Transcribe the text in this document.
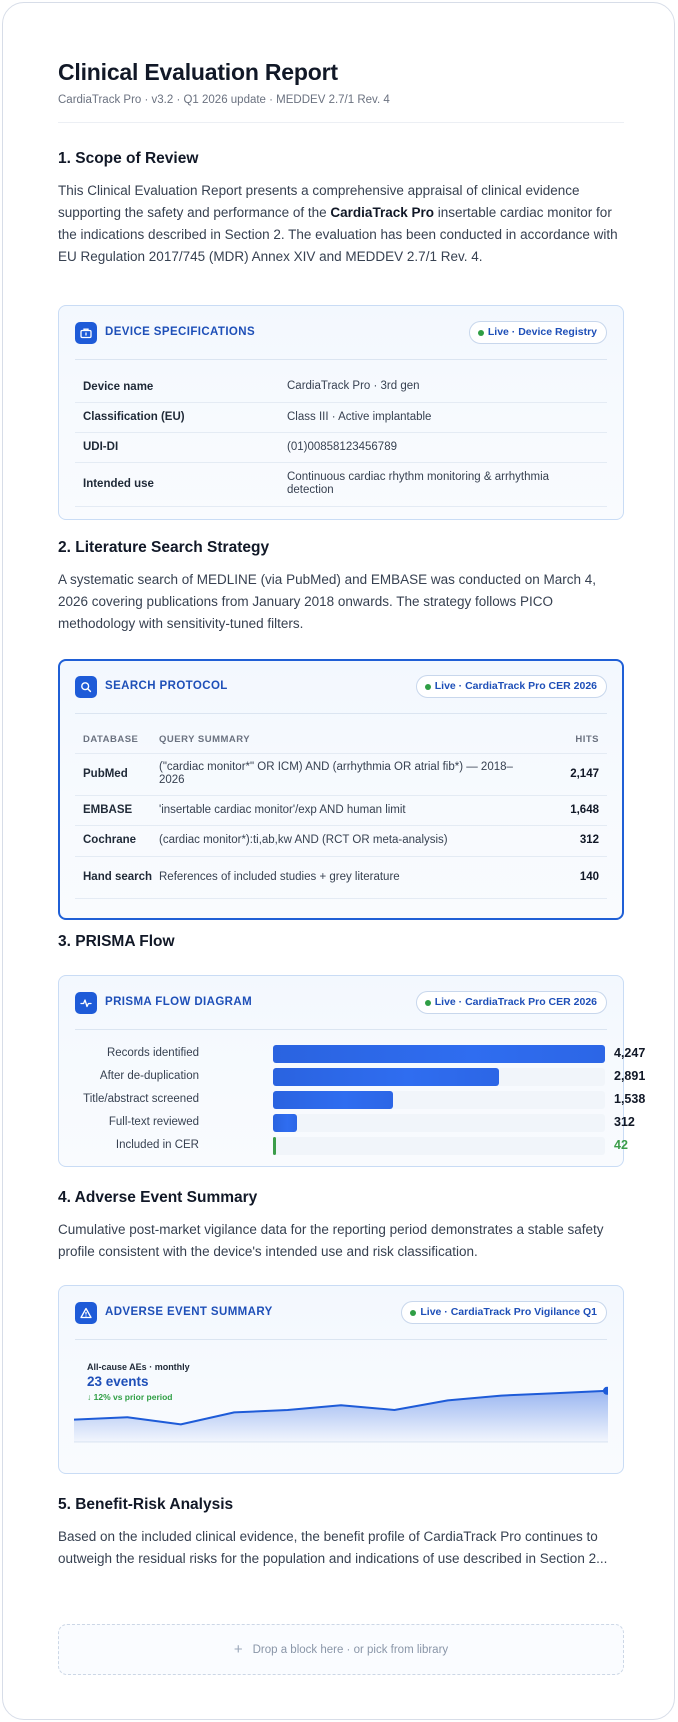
Clinical Evaluation Report
CardiaTrack Pro · v3.2 · Q1 2026 update · MEDDEV 2.7/1 Rev. 4
1. Scope of Review

This Clinical Evaluation Report presents a comprehensive appraisal of clinical evidence supporting the safety and performance of the CardiaTrack Pro insertable cardiac monitor for the indications described in Section 2. The evaluation has been conducted in accordance with EU Regulation 2017/745 (MDR) Annex XIV and MEDDEV 2.7/1 Rev. 4.

DEVICE SPECIFICATIONS	Live · Device Registry
Device name	CardiaTrack Pro · 3rd gen
Classification (EU)	Class III · Active implantable
UDI-DI	(01)00858123456789
Intended use	Continuous cardiac rhythm monitoring & arrhythmia detection
2. Literature Search Strategy

A systematic search of MEDLINE (via PubMed) and EMBASE was conducted on March 4, 2026 covering publications from January 2018 onwards. The strategy follows PICO methodology with sensitivity-tuned filters.

SEARCH PROTOCOL	Live · CardiaTrack Pro CER 2026
DATABASE	QUERY SUMMARY	HITS
PubMed	("cardiac monitor*" OR ICM) AND (arrhythmia OR atrial fib*) — 2018–2026	2,147
EMBASE	'insertable cardiac monitor'/exp AND human limit	1,648
Cochrane	(cardiac monitor*):ti,ab,kw AND (RCT OR meta-analysis)	312
Hand search	References of included studies + grey literature	140
3. PRISMA Flow
PRISMA FLOW DIAGRAM	Live · CardiaTrack Pro CER 2026
Records identified	4,247
After de-duplication	2,891
Title/abstract screened	1,538
Full-text reviewed	312
Included in CER	42
4. Adverse Event Summary

Cumulative post-market vigilance data for the reporting period demonstrates a stable safety profile consistent with the device's intended use and risk classification.

ADVERSE EVENT SUMMARY	Live · CardiaTrack Pro Vigilance Q1
All-cause AEs · monthly
23 events
↓ 12% vs prior period
5. Benefit-Risk Analysis

Based on the included clinical evidence, the benefit profile of CardiaTrack Pro continues to outweigh the residual risks for the population and indications of use described in Section 2...

+ Drop a block here · or pick from library
